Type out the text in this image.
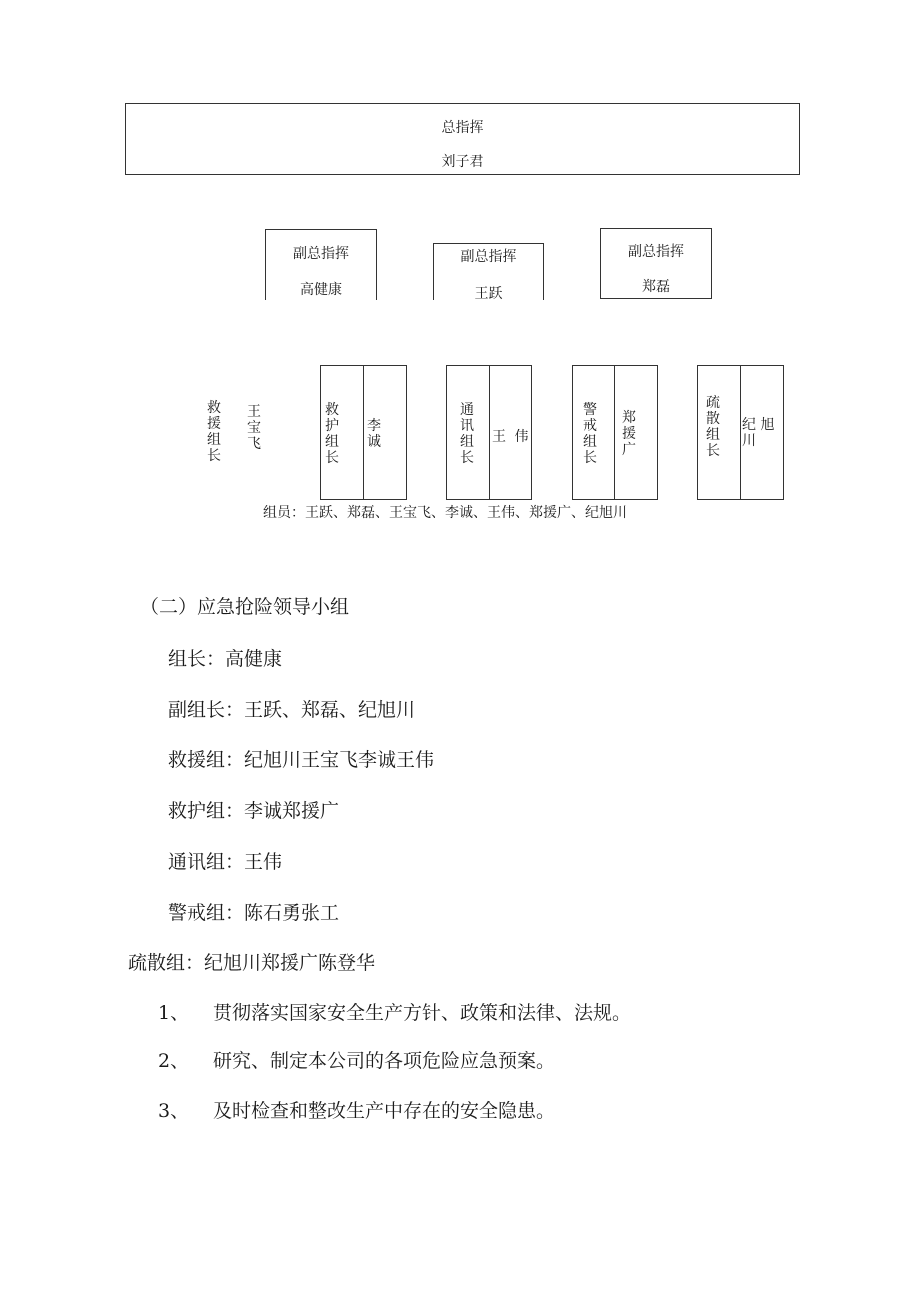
总指挥
刘子君
副总指挥
高健康
副总指挥
王跃
副总指挥
郑磊
救援组长
王宝飞
救护组长
李诚
通讯组长
王 伟
警戒组长
郑援广
疏散组长
纪 旭川
组员：王跃、郑磊、王宝飞、李诚、王伟、郑援广、纪旭川
（二）应急抢险领导小组
组长：高健康
副组长：王跃、郑磊、纪旭川
救援组：纪旭川王宝飞李诚王伟
救护组：李诚郑援广
通讯组：王伟
警戒组：陈石勇张工
疏散组：纪旭川郑援广陈登华
1、 贯彻落实国家安全生产方针、政策和法律、法规。
2、 研究、制定本公司的各项危险应急预案。
3、 及时检查和整改生产中存在的安全隐患。
